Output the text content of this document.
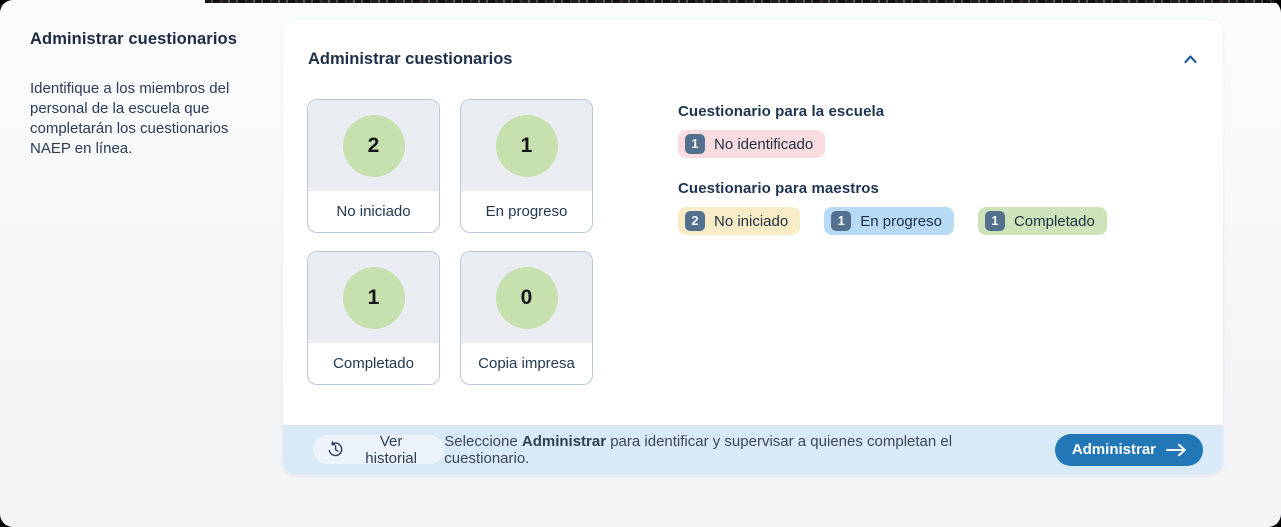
Administrar cuestionarios

Identifique a los miembros del personal de la escuela que completarán los cuestionarios NAEP en línea.

Administrar cuestionarios
2
No iniciado
1
En progreso
1
Completado
0
Copia impresa
Cuestionario para la escuela
1	No identificado
Cuestionario para maestros
2	No iniciado	1	En progreso	1	Completado
Ver historial

Seleccione Administrar para identificar y supervisar a quienes completan el cuestionario.	Administrar
